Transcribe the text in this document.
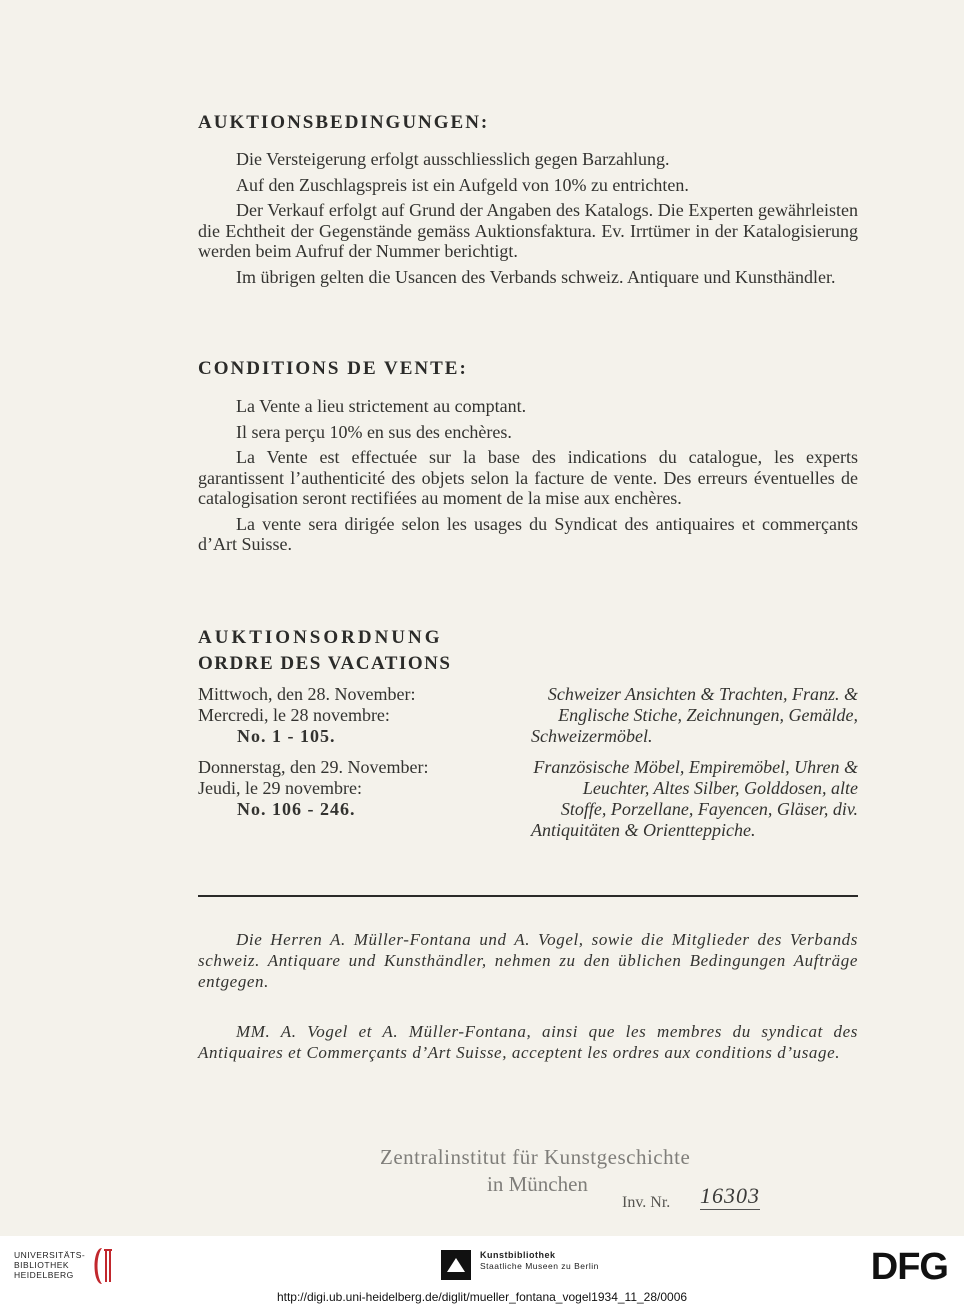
AUKTIONSBEDINGUNGEN:

Die Versteigerung erfolgt ausschliesslich gegen Barzahlung.

Auf den Zuschlagspreis ist ein Aufgeld von 10% zu entrichten.

Der Verkauf erfolgt auf Grund der Angaben des Katalogs. Die Experten gewährleisten die Echtheit der Gegenstände gemäss Auktionsfaktura. Ev. Irrtümer in der Katalogisierung werden beim Aufruf der Nummer berichtigt.

Im übrigen gelten die Usancen des Verbands schweiz. Antiquare und Kunsthändler.

CONDITIONS DE VENTE:

La Vente a lieu strictement au comptant.

Il sera perçu 10% en sus des enchères.

La Vente est effectuée sur la base des indications du catalogue, les experts garantissent l’authenticité des objets selon la facture de vente. Des erreurs éventuelles de catalogisation seront rectifiées au moment de la mise aux enchères.

La vente sera dirigée selon les usages du Syndicat des antiquaires et commerçants d’Art Suisse.

AUKTIONSORDNUNG
ORDRE DES VACATIONS
Mittwoch, den 28. November:
Mercredi, le 28 novembre:
No. 1 - 105.
Schweizer Ansichten & Trachten, Franz. &
Englische Stiche, Zeichnungen, Gemälde,
Schweizermöbel.
Donnerstag, den 29. November:
Jeudi, le 29 novembre:
No. 106 - 246.
Französische Möbel, Empiremöbel, Uhren &
Leuchter, Altes Silber, Golddosen, alte
Stoffe, Porzellane, Fayencen, Gläser, div.
Antiquitäten & Orientteppiche.

Die Herren A. Müller-Fontana und A. Vogel, sowie die Mitglieder des Verbands schweiz. Antiquare und Kunsthändler, nehmen zu den üblichen Bedingungen Aufträge entgegen.

MM. A. Vogel et A. Müller-Fontana, ainsi que les membres du syndicat des Antiquaires et Commerçants d’Art Suisse, acceptent les ordres aux conditions d’usage.

Zentralinstitut für Kunstgeschichte
in München
Inv. Nr. 16303
UNIVERSITÄTS-
BIBLIOTHEK
HEIDELBERG
Kunstbibliothek
Staatliche Museen zu Berlin	DFG
http://digi.ub.uni-heidelberg.de/diglit/mueller_fontana_vogel1934_11_28/0006
